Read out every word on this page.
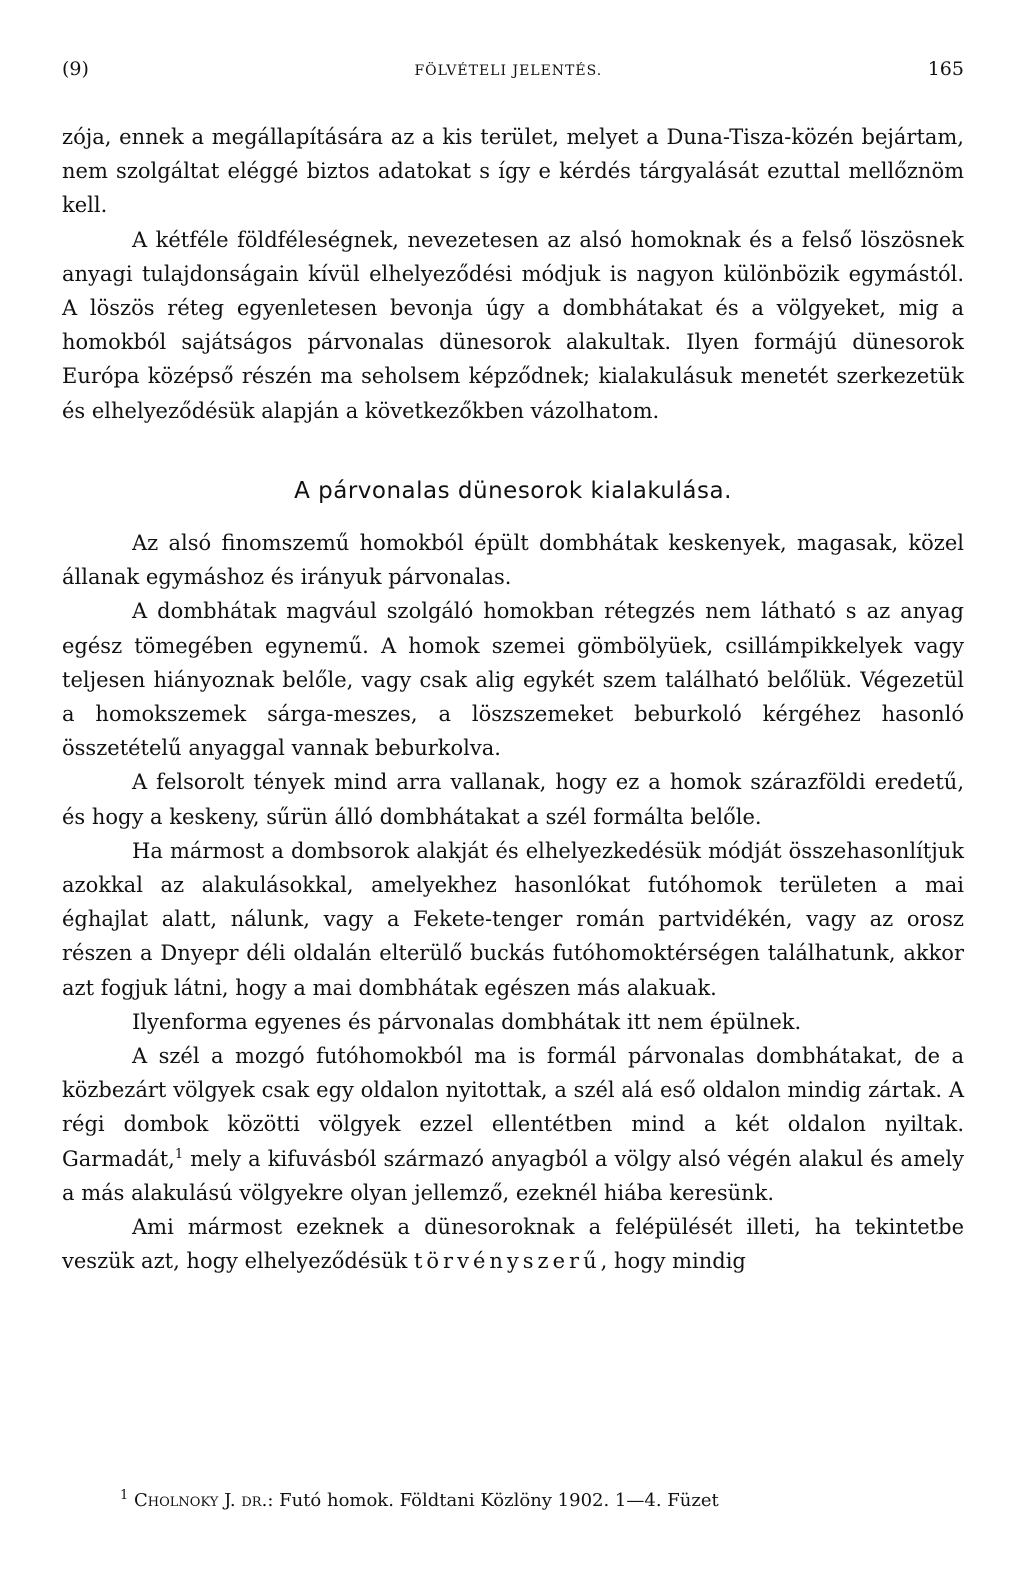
(9)	FÖLVÉTELI JELENTÉS.	165

zója, ennek a megállapítására az a kis terület, melyet a Duna-Tisza-közén bejártam, nem szolgáltat eléggé biztos adatokat s így e kérdés tárgyalását ezuttal mellőznöm kell.

A kétféle földféleségnek, nevezetesen az alsó homoknak és a felső löszösnek anyagi tulajdonságain kívül elhelyeződési módjuk is nagyon különbözik egymástól. A löszös réteg egyenletesen bevonja úgy a dombhátakat és a völgyeket, mig a homokból sajátságos párvonalas dünesorok alakultak. Ilyen formájú dünesorok Európa középső részén ma seholsem képződnek; kialakulásuk menetét szerkezetük és elhelyeződésük alapján a következőkben vázolhatom.

A párvonalas dünesorok kialakulása.

Az alsó finomszemű homokból épült dombhátak keskenyek, magasak, közel állanak egymáshoz és irányuk párvonalas.

A dombhátak magvául szolgáló homokban rétegzés nem látható s az anyag egész tömegében egynemű. A homok szemei gömbölyüek, csillámpikkelyek vagy teljesen hiányoznak belőle, vagy csak alig egykét szem található belőlük. Végezetül a homokszemek sárga-meszes, a löszszemeket beburkoló kérgéhez hasonló összetételű anyaggal vannak beburkolva.

A felsorolt tények mind arra vallanak, hogy ez a homok szárazföldi eredetű, és hogy a keskeny, sűrün álló dombhátakat a szél formálta belőle.

Ha mármost a dombsorok alakját és elhelyezkedésük módját összehasonlítjuk azokkal az alakulásokkal, amelyekhez hasonlókat futóhomok területen a mai éghajlat alatt, nálunk, vagy a Fekete-tenger román partvidékén, vagy az orosz részen a Dnyepr déli oldalán elterülő buckás futóhomoktérségen találhatunk, akkor azt fogjuk látni, hogy a mai dombhátak egészen más alakuak.

Ilyenforma egyenes és párvonalas dombhátak itt nem épülnek.

A szél a mozgó futóhomokból ma is formál párvonalas dombhátakat, de a közbezárt völgyek csak egy oldalon nyitottak, a szél alá eső oldalon mindig zártak. A régi dombok közötti völgyek ezzel ellentétben mind a két oldalon nyiltak. Garmadát,$^1$ mely a kifuvásból származó anyagból a völgy alsó végén alakul és amely a más alakulású völgyekre olyan jellemző, ezeknél hiába keresünk.

Ami mármost ezeknek a dünesoroknak a felépülését illeti, ha tekintetbe veszük azt, hogy elhelyeződésük törvényszerű, hogy mindig

$^1$ Cholnoky J. dr.: Futó homok. Földtani Közlöny 1902. 1—4. Füzet
